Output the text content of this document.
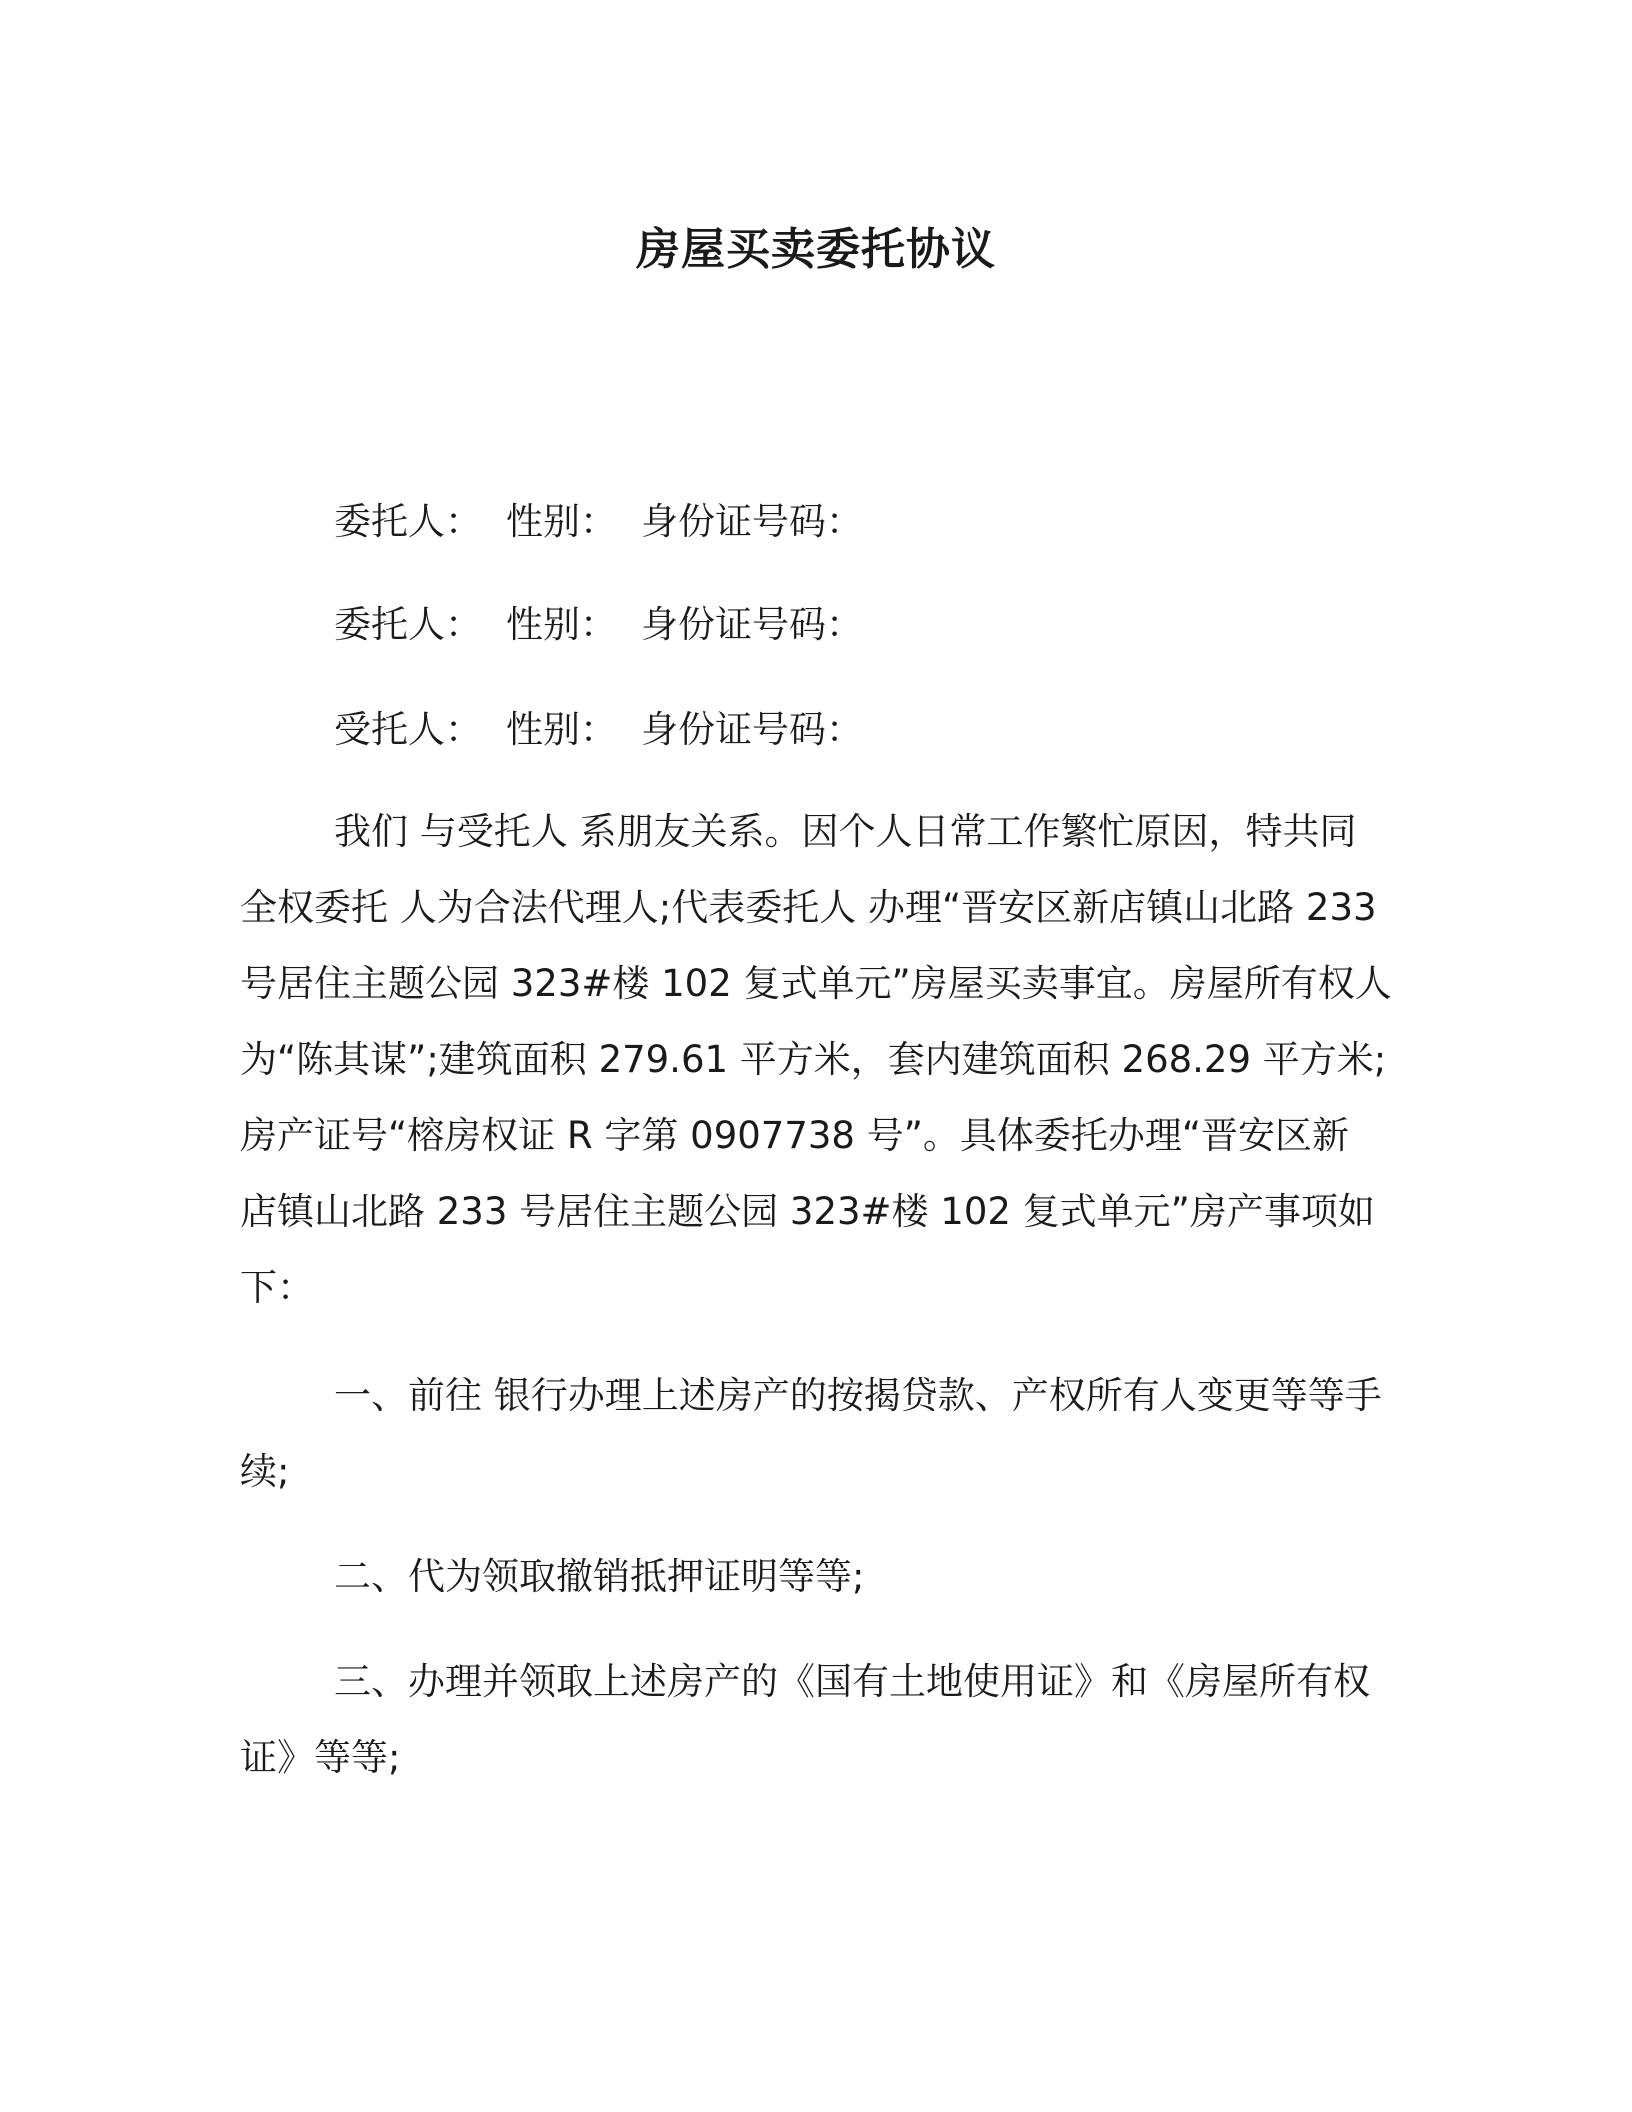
房屋买卖委托协议
委托人： 性别： 身份证号码：
委托人： 性别： 身份证号码：
受托人： 性别： 身份证号码：
我们 与受托人 系朋友关系。因个人日常工作繁忙原因，特共同
全权委托 人为合法代理人;代表委托人 办理“晋安区新店镇山北路 233
号居住主题公园 323#楼 102 复式单元”房屋买卖事宜。房屋所有权人
为“陈其谋”;建筑面积 279.61 平方米，套内建筑面积 268.29 平方米;
房产证号“榕房权证 R 字第 0907738 号”。具体委托办理“晋安区新
店镇山北路 233 号居住主题公园 323#楼 102 复式单元”房产事项如
下：
一、前往 银行办理上述房产的按揭贷款、产权所有人变更等等手
续;
二、代为领取撤销抵押证明等等;
三、办理并领取上述房产的《国有土地使用证》和《房屋所有权
证》等等;
